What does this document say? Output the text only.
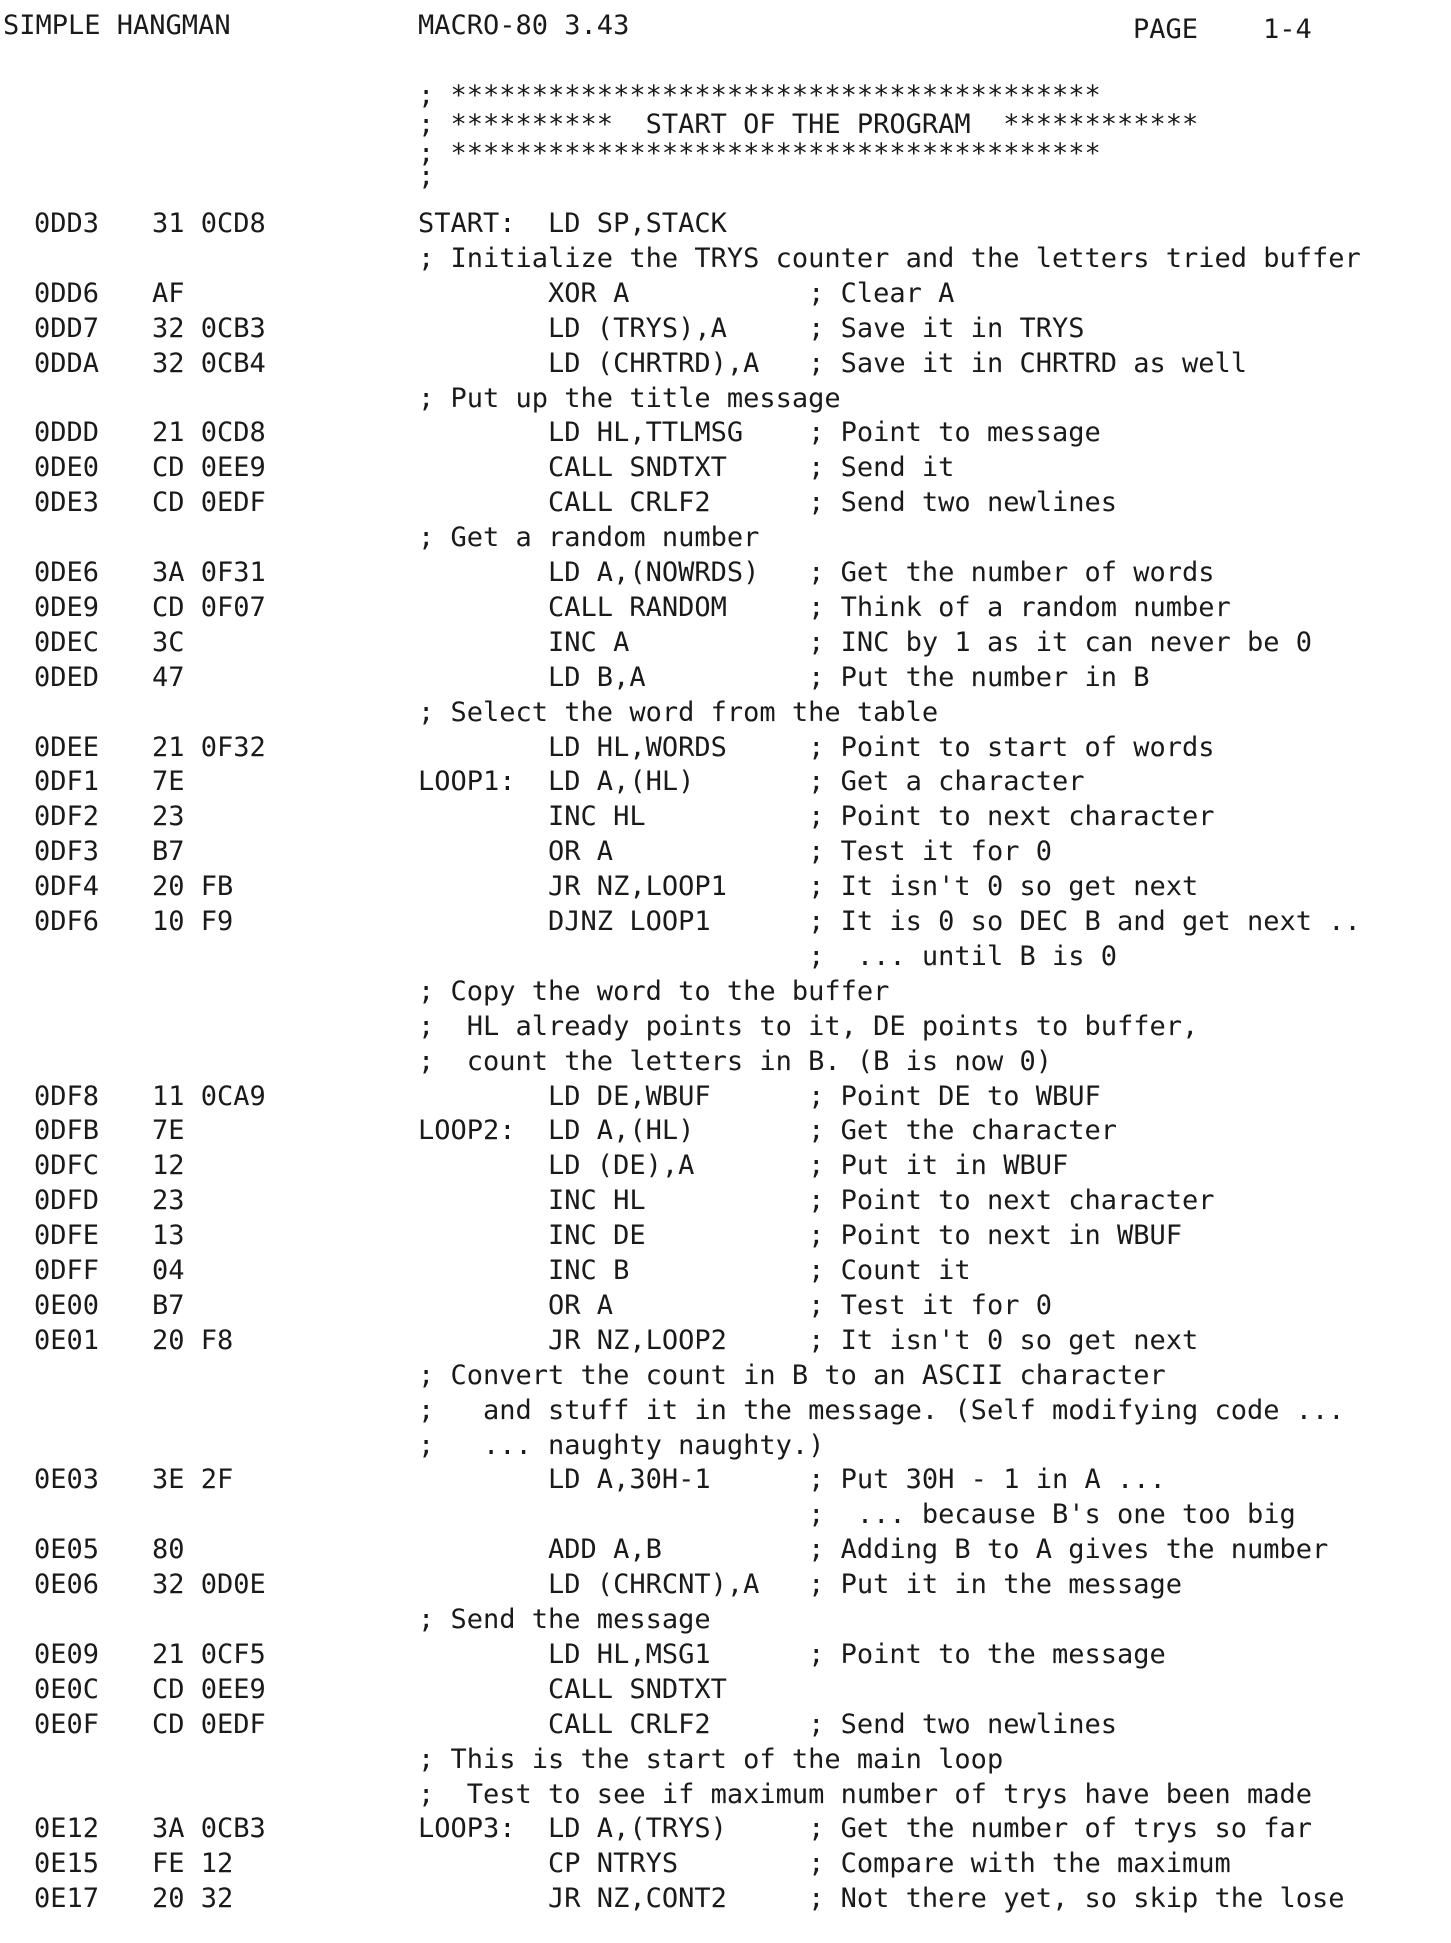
SIMPLE HANGMAN	MACRO-80 3.43	PAGE    1-4
; ****************************************
; **********  START OF THE PROGRAM  ************
; ****************************************
;
0DD3 31 0CD8	START:  LD SP,STACK
; Initialize the TRYS counter and the letters tried buffer
0DD6 AF	XOR A           ; Clear A
0DD7 32 0CB3	LD (TRYS),A     ; Save it in TRYS
0DDA 32 0CB4	LD (CHRTRD),A   ; Save it in CHRTRD as well
; Put up the title message
0DDD 21 0CD8	LD HL,TTLMSG    ; Point to message
0DE0 CD 0EE9	CALL SNDTXT     ; Send it
0DE3 CD 0EDF	CALL CRLF2      ; Send two newlines
; Get a random number
0DE6 3A 0F31	LD A,(NOWRDS)   ; Get the number of words
0DE9 CD 0F07	CALL RANDOM     ; Think of a random number
0DEC 3C	INC A           ; INC by 1 as it can never be 0
0DED 47	LD B,A          ; Put the number in B
; Select the word from the table
0DEE 21 0F32	LD HL,WORDS     ; Point to start of words
0DF1 7E	LOOP1:  LD A,(HL)       ; Get a character
0DF2 23	INC HL          ; Point to next character
0DF3 B7	OR A            ; Test it for 0
0DF4 20 FB	JR NZ,LOOP1     ; It isn't 0 so get next
0DF6 10 F9	DJNZ LOOP1      ; It is 0 so DEC B and get next ..
;  ... until B is 0
; Copy the word to the buffer
;  HL already points to it, DE points to buffer,
;  count the letters in B. (B is now 0)
0DF8 11 0CA9	LD DE,WBUF      ; Point DE to WBUF
0DFB 7E	LOOP2:  LD A,(HL)       ; Get the character
0DFC 12	LD (DE),A       ; Put it in WBUF
0DFD 23	INC HL          ; Point to next character
0DFE 13	INC DE          ; Point to next in WBUF
0DFF 04	INC B           ; Count it
0E00 B7	OR A            ; Test it for 0
0E01 20 F8	JR NZ,LOOP2     ; It isn't 0 so get next
; Convert the count in B to an ASCII character
;   and stuff it in the message. (Self modifying code ...
;   ... naughty naughty.)
0E03 3E 2F	LD A,30H-1      ; Put 30H - 1 in A ...
;  ... because B's one too big
0E05 80	ADD A,B         ; Adding B to A gives the number
0E06 32 0D0E	LD (CHRCNT),A   ; Put it in the message
; Send the message
0E09 21 0CF5	LD HL,MSG1      ; Point to the message
0E0C CD 0EE9	CALL SNDTXT
0E0F CD 0EDF	CALL CRLF2      ; Send two newlines
; This is the start of the main loop
;  Test to see if maximum number of trys have been made
0E12 3A 0CB3	LOOP3:  LD A,(TRYS)     ; Get the number of trys so far
0E15 FE 12	CP NTRYS        ; Compare with the maximum
0E17 20 32	JR NZ,CONT2     ; Not there yet, so skip the lose
